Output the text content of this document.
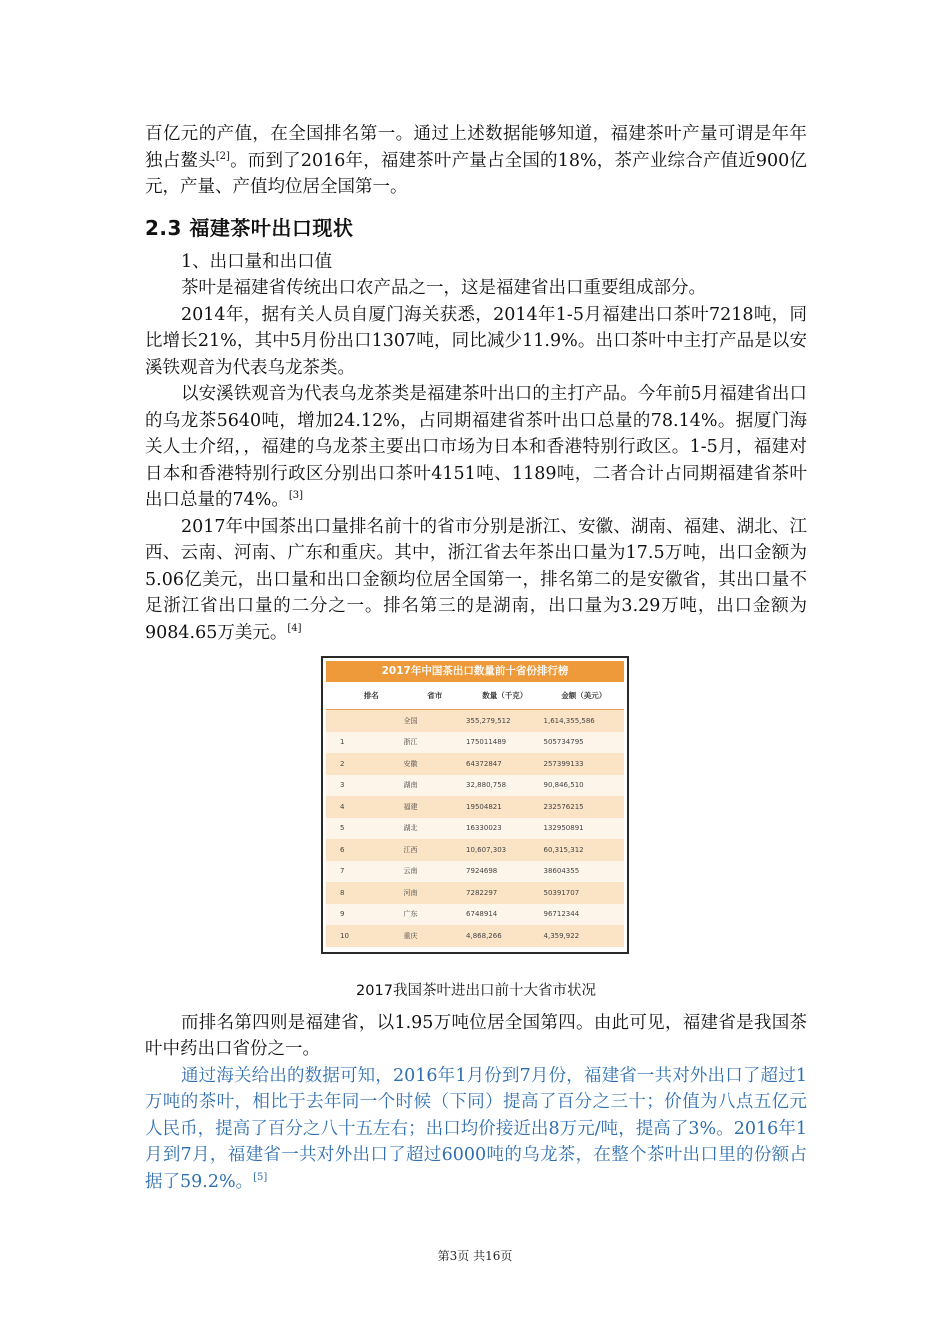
百亿元的产值，在全国排名第一。通过上述数据能够知道，福建茶叶产量可谓是年年独占鳌头[2]。而到了2016年，福建茶叶产量占全国的18%，茶产业综合产值近900亿元，产量、产值均位居全国第一。

2.3 福建茶叶出口现状

1、出口量和出口值

茶叶是福建省传统出口农产品之一，这是福建省出口重要组成部分。

2014年，据有关人员自厦门海关获悉，2014年1-5月福建出口茶叶7218吨，同比增长21%，其中5月份出口1307吨，同比减少11.9%。出口茶叶中主打产品是以安溪铁观音为代表乌龙茶类。

以安溪铁观音为代表乌龙茶类是福建茶叶出口的主打产品。今年前5月福建省出口的乌龙茶5640吨，增加24.12%，占同期福建省茶叶出口总量的78.14%。据厦门海关人士介绍，，福建的乌龙茶主要出口市场为日本和香港特别行政区。1-5月，福建对日本和香港特别行政区分别出口茶叶4151吨、1189吨，二者合计占同期福建省茶叶出口总量的74%。[3]

2017年中国茶出口量排名前十的省市分别是浙江、安徽、湖南、福建、湖北、江西、云南、河南、广东和重庆。其中，浙江省去年茶出口量为17.5万吨，出口金额为5.06亿美元，出口量和出口金额均位居全国第一，排名第二的是安徽省，其出口量不足浙江省出口量的二分之一。排名第三的是湖南，出口量为3.29万吨，出口金额为9084.65万美元。[4]

2017年中国茶出口数量前十省份排行榜
排名	省市	数量（千克）	金额（美元）
	全国	355,279,512	1,614,355,586
1	浙江	175011489	505734795
2	安徽	64372847	257399133
3	湖南	32,880,758	90,846,510
4	福建	19504821	232576215
5	湖北	16330023	132950891
6	江西	10,607,303	60,315,312
7	云南	7924698	38604355
8	河南	7282297	50391707
9	广东	6748914	96712344
10	重庆	4,868,266	4,359,922

2017我国茶叶进出口前十大省市状况

而排名第四则是福建省，以1.95万吨位居全国第四。由此可见，福建省是我国茶叶中药出口省份之一。

通过海关给出的数据可知，2016年1月份到7月份，福建省一共对外出口了超过1万吨的茶叶，相比于去年同一个时候（下同）提高了百分之三十；价值为八点五亿元人民币，提高了百分之八十五左右；出口均价接近出8万元/吨，提高了3%。2016年1月到7月，福建省一共对外出口了超过6000吨的乌龙茶，在整个茶叶出口里的份额占据了59.2%。[5]

第3页 共16页
